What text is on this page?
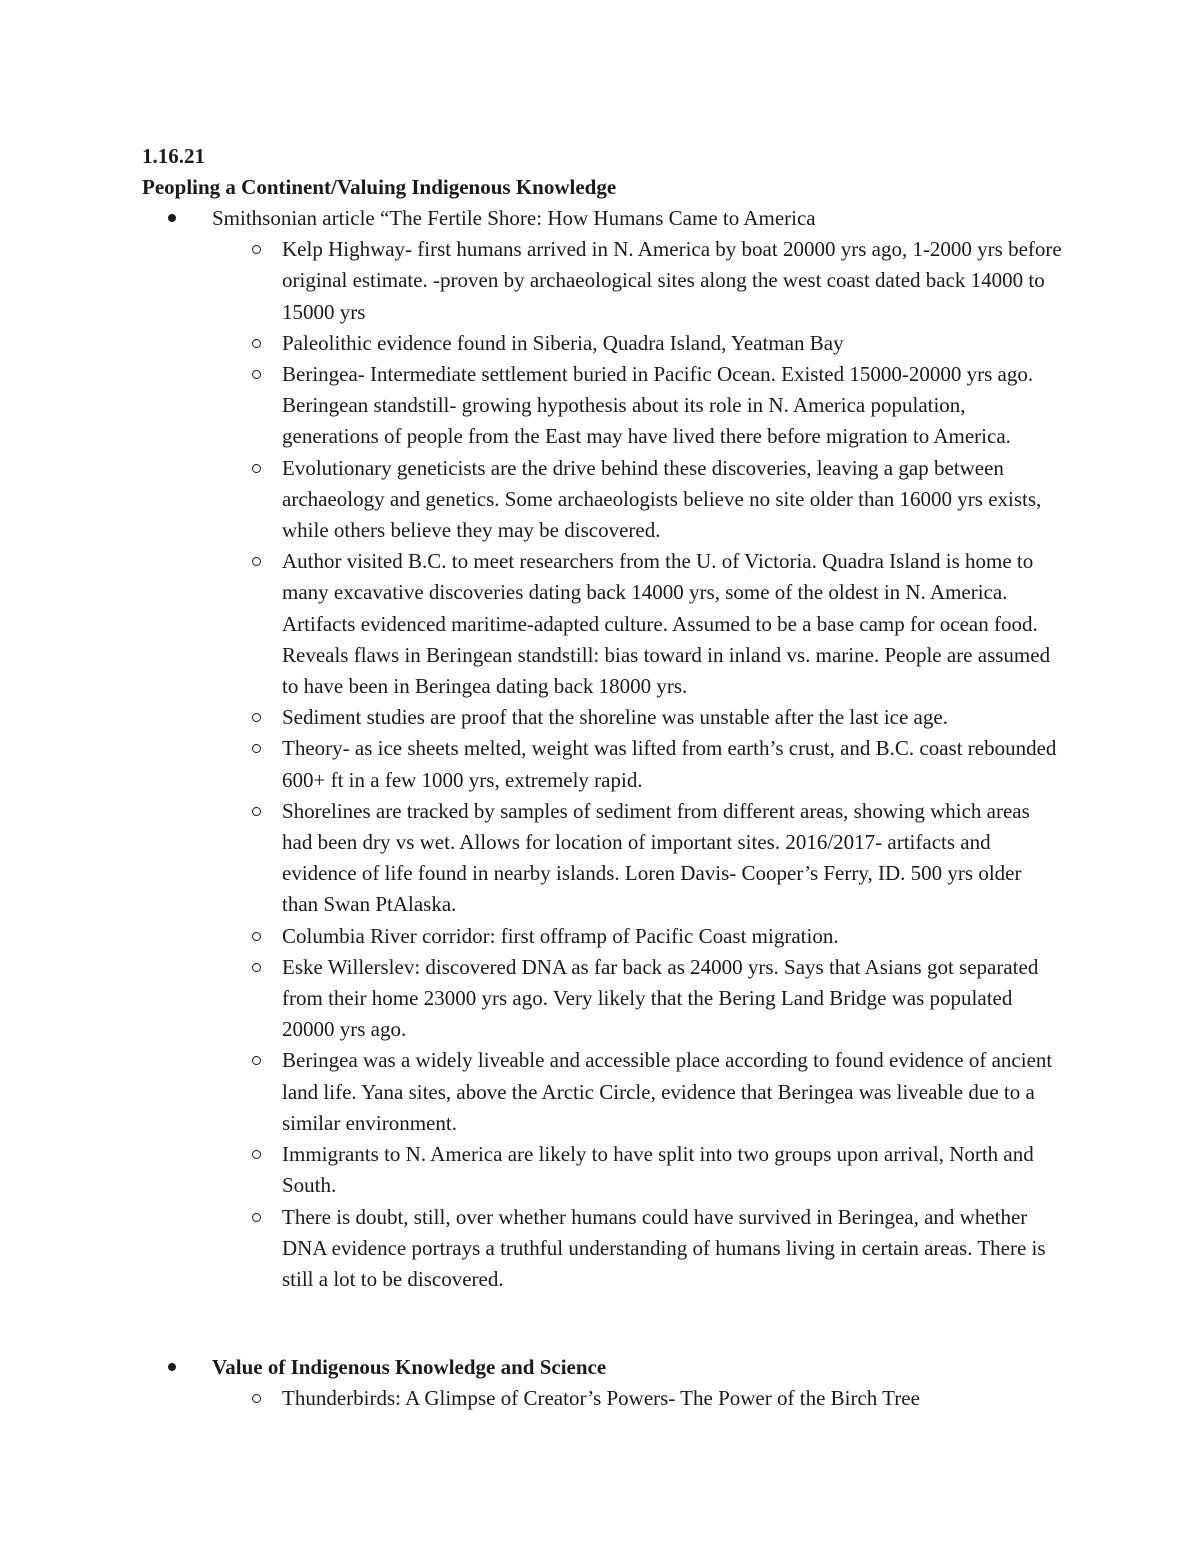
1.16.21
Peopling a Continent/Valuing Indigenous Knowledge
Smithsonian article “The Fertile Shore: How Humans Came to America
Kelp Highway- first humans arrived in N. America by boat 20000 yrs ago, 1-2000 yrs before original estimate. -proven by archaeological sites along the west coast dated back 14000 to 15000 yrs
Paleolithic evidence found in Siberia, Quadra Island, Yeatman Bay
Beringea- Intermediate settlement buried in Pacific Ocean. Existed 15000-20000 yrs ago. Beringean standstill- growing hypothesis about its role in N. America population, generations of people from the East may have lived there before migration to America.
Evolutionary geneticists are the drive behind these discoveries, leaving a gap between archaeology and genetics. Some archaeologists believe no site older than 16000 yrs exists, while others believe they may be discovered.
Author visited B.C. to meet researchers from the U. of Victoria. Quadra Island is home to many excavative discoveries dating back 14000 yrs, some of the oldest in N. America. Artifacts evidenced maritime-adapted culture. Assumed to be a base camp for ocean food. Reveals flaws in Beringean standstill: bias toward in inland vs. marine. People are assumed to have been in Beringea dating back 18000 yrs.
Sediment studies are proof that the shoreline was unstable after the last ice age.
Theory- as ice sheets melted, weight was lifted from earth’s crust, and B.C. coast rebounded 600+ ft in a few 1000 yrs, extremely rapid.
Shorelines are tracked by samples of sediment from different areas, showing which areas had been dry vs wet. Allows for location of important sites. 2016/2017- artifacts and evidence of life found in nearby islands. Loren Davis- Cooper’s Ferry, ID. 500 yrs older than Swan PtAlaska.
Columbia River corridor: first offramp of Pacific Coast migration.
Eske Willerslev: discovered DNA as far back as 24000 yrs. Says that Asians got separated from their home 23000 yrs ago. Very likely that the Bering Land Bridge was populated 20000 yrs ago.
Beringea was a widely liveable and accessible place according to found evidence of ancient land life. Yana sites, above the Arctic Circle, evidence that Beringea was liveable due to a similar environment.
Immigrants to N. America are likely to have split into two groups upon arrival, North and South.
There is doubt, still, over whether humans could have survived in Beringea, and whether DNA evidence portrays a truthful understanding of humans living in certain areas. There is still a lot to be discovered.
Value of Indigenous Knowledge and Science
Thunderbirds: A Glimpse of Creator’s Powers- The Power of the Birch Tree
